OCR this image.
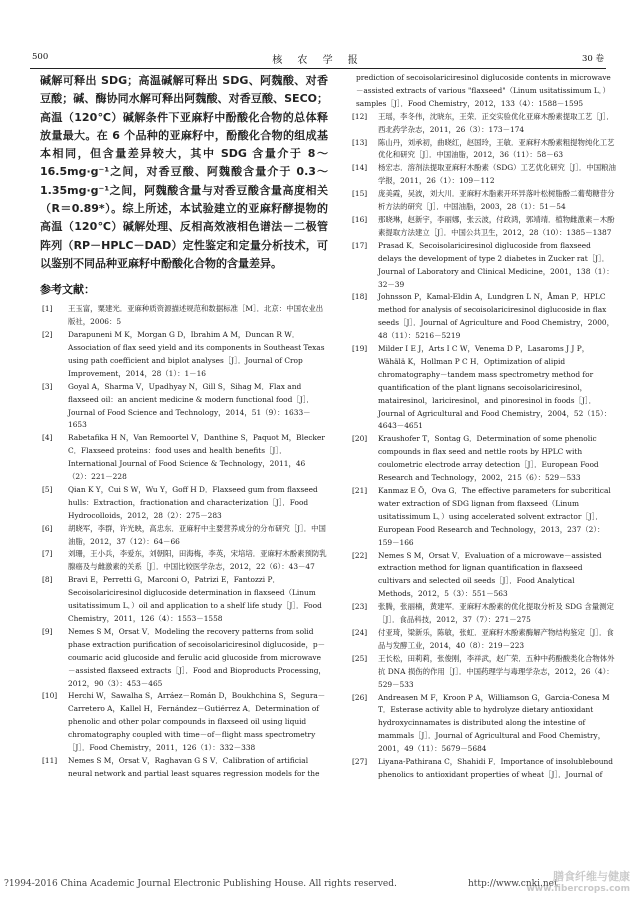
500	核 农 学 报	30 卷

碱解可释出 SDG；高温碱解可释出 SDG、阿魏酸、对香豆酸；碱、酶协同水解可释出阿魏酸、对香豆酸、SECO；高温（120℃）碱解条件下亚麻籽中酚酸化合物的总体释放量最大。在 6 个品种的亚麻籽中，酚酸化合物的组成基本相同，但含量差异较大，其中 SDG 含量介于 8～16.5mg·g⁻¹之间，对香豆酸、阿魏酸含量介于 0.3～1.35mg·g⁻¹之间，阿魏酸含量与对香豆酸含量高度相关（R＝0.89*）。综上所述，本试验建立的亚麻籽酵提物的高温（120℃）碱解处理、反相高效液相色谱法－二极管阵列（RP－HPLC－DAD）定性鉴定和定量分析技术，可以鉴别不同品种亚麻籽中酚酸化合物的含量差异。

参考文献：
[1] 王玉富，粟建光．亚麻种质资源描述规范和数据标准［M］．北京：中国农业出版社，2006：5
[2] Darapuneni M K，Morgan G D，Ibrahim A M，Duncan R W．Association of flax seed yield and its components in Southeast Texas using path coefficient and biplot analyses［J］．Journal of Crop Improvement，2014，28（1）：1－16
[3] Goyal A，Sharma V，Upadhyay N，Gill S，Sihag M．Flax and flaxseed oil：an ancient medicine & modern functional food［J］．Journal of Food Science and Technology，2014，51（9）：1633－1653
[4] Rabetafika H N，Van Remoortel V，Danthine S，Paquot M，Blecker C．Flaxseed proteins：food uses and health benefits［J］．International Journal of Food Science & Technology，2011，46（2）：221－228
[5] Qian K Y，Cui S W，Wu Y，Goff H D．Flaxseed gum from flaxseed hulls：Extraction，fractionation and characterization［J］．Food Hydrocolloids，2012，28（2）：275－283
[6] 胡晓军，李群，许光映，高忠东．亚麻籽中主要营养成分的分布研究［J］．中国油脂，2012，37（12）：64－66
[7] 刘珊，王小兵，李爱东，刘朝阳，田海梅，李英，宋培培．亚麻籽木酚素预防乳腺癌及与雌激素的关系［J］．中国比较医学杂志，2012，22（6）：43－47
[8] Bravi E，Perretti G，Marconi O，Patrizi E，Fantozzi P．Secoisolariciresinol diglucoside determination in flaxseed（Linum usitatissimum L．）oil and application to a shelf life study［J］．Food Chemistry，2011，126（4）：1553－1558
[9] Nemes S M，Orsat V．Modeling the recovery patterns from solid phase extraction purification of secoisolariciresinol diglucoside，p－coumaric acid glucoside and ferulic acid glucoside from microwave－assisted flaxseed extracts［J］．Food and Bioproducts Processing，2012，90（3）：453－465
[10] Herchi W，Sawalha S，Arráez－Román D，Boukhchina S，Segura－Carretero A，Kallel H，Fernández－Gutiérrez A．Determination of phenolic and other polar compounds in flaxseed oil using liquid chromatography coupled with time－of－flight mass spectrometry［J］．Food Chemistry，2011，126（1）：332－338
[11] Nemes S M，Orsat V，Raghavan G S V．Calibration of artificial neural network and partial least squares regression models for the
prediction of secoisolariciresinol diglucoside contents in microwave－assisted extracts of various "flaxseed"（Linum usitatissimum L．）samples［J］．Food Chemistry，2012，133（4）：1588－1595
[12] 王瑶，李冬伟，沈晓东，王荣．正交实验优化亚麻木酚素提取工艺［J］．西北药学杂志，2011，26（3）：173－174
[13] 陈山丹，刘承初，曲晓红，赵国玲，王敏．亚麻籽木酚素粗提物纯化工艺优化和研究［J］．中国油脂，2012，36（11）：58－63
[14] 杨宏志．溶剂法提取亚麻籽木酚素（SDG）工艺优化研究［J］．中国粮油学报，2011，26（1）：109－112
[15] 庞美霞，吴波，刘大川．亚麻籽木脂素开环异落叶松树脂酚二葡萄糖苷分析方法的研究［J］．中国油脂，2003，28（1）：51－54
[16] 那晓琳，赵新宇，李丽娜，张云波，付政鸿，郭靖靖．植物雌激素－木酚素提取方法建立［J］．中国公共卫生，2012，28（10）：1385－1387
[17] Prasad K．Secoisolariciresinol diglucoside from flaxseed delays the development of type 2 diabetes in Zucker rat［J］．Journal of Laboratory and Clinical Medicine，2001，138（1）：32－39
[18] Johnsson P，Kamal-Eldin A，Lundgren L N，Åman P．HPLC method for analysis of secoisolariciresinol diglucoside in flax seeds［J］．Journal of Agriculture and Food Chemistry，2000，48（11）：5216－5219
[19] Milder I E J，Arts I C W，Venema D P，Lasaroms J J P，Wähälä K，Hollman P C H．Optimization of alipid chromatography－tandem mass spectrometry method for quantification of the plant lignans secoisolariciresinol，matairesinol，lariciresinol，and pinoresinol in foods［J］．Journal of Agricultural and Food Chemistry，2004，52（15）：4643－4651
[20] Kraushofer T，Sontag G．Determination of some phenolic compounds in flax seed and nettle roots by HPLC with coulometric electrode array detection［J］．European Food Research and Technology，2002，215（6）：529－533
[21] Kanmaz E Ö，Ova G．The effective parameters for subcritical water extraction of SDG lignan from flaxseed（Linum usitatissimum L．）using accelerated solvent extractor［J］．European Food Research and Technology，2013，237（2）：159－166
[22] Nemes S M，Orsat V．Evaluation of a microwave－assisted extraction method for lignan quantification in flaxseed cultivars and selected oil seeds［J］．Food Analytical Methods，2012，5（3）：551－563
[23] 张腾，张丽楠，黄建军．亚麻籽木酚素的优化提取分析及 SDG 含量测定［J］．食品科技，2012，37（7）：271－275
[24] 付亚琦，梁新乐，陈敏，张虹．亚麻籽木酚素酶解产物结构鉴定［J］．食品与发酵工业，2014，40（8）：219－223
[25] 王长松，田莉莉，张俊刚，李祥武，赵广荣．五种中药酚酸类化合物体外抗 DNA 损伤的作用［J］．中国药理学与毒理学杂志，2012，26（4）：529－533
[26] Andreasen M F，Kroon P A，Williamson G，Garcia-Conesa M T．Esterase activity able to hydrolyze dietary antioxidant hydroxycinnamates is distributed along the intestine of mammals［J］．Journal of Agricultural and Food Chemistry，2001，49（11）：5679－5684
[27] Liyana-Pathirana C，Shahidi F．Importance of insolublebound phenolics to antioxidant properties of wheat［J］．Journal of
?1994-2016 China Academic Journal Electronic Publishing House. All rights reserved.	http://www.cnki.net
膳食纤维与健康
www.fiberc​rops.com
